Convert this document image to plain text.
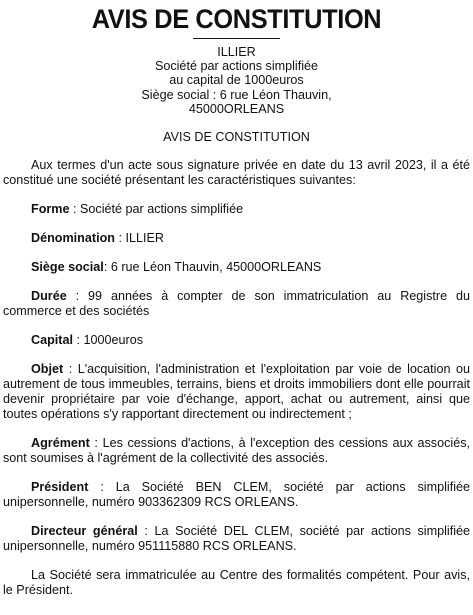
AVIS DE CONSTITUTION
ILLIER
Société par actions simplifiée
au capital de 1000euros
Siège social : 6 rue Léon Thauvin,
45000ORLEANS
AVIS DE CONSTITUTION

Aux termes d'un acte sous signature privée en date du 13 avril 2023, il a été constitué une société présentant les caractéristiques suivantes:

Forme : Société par actions simplifiée

Dénomination : ILLIER

Siège social: 6 rue Léon Thauvin, 45000ORLEANS

Durée : 99 années à compter de son immatriculation au Registre du commerce et des sociétés

Capital : 1000euros

Objet : L'acquisition, l'administration et l'exploitation par voie de location ou autrement de tous immeubles, terrains, biens et droits immobiliers dont elle pourrait devenir propriétaire par voie d'échange, apport, achat ou autrement, ainsi que toutes opérations s'y rapportant directement ou indirectement ;

Agrément : Les cessions d'actions, à l'exception des cessions aux associés, sont soumises à l'agrément de la collectivité des associés.

Président : La Société BEN CLEM, société par actions simplifiée unipersonnelle, numéro 903362309 RCS ORLEANS.

Directeur général : La Société DEL CLEM, société par actions simplifiée unipersonnelle, numéro 951115880 RCS ORLEANS.

La Société sera immatriculée au Centre des formalités compétent. Pour avis, le Président.
